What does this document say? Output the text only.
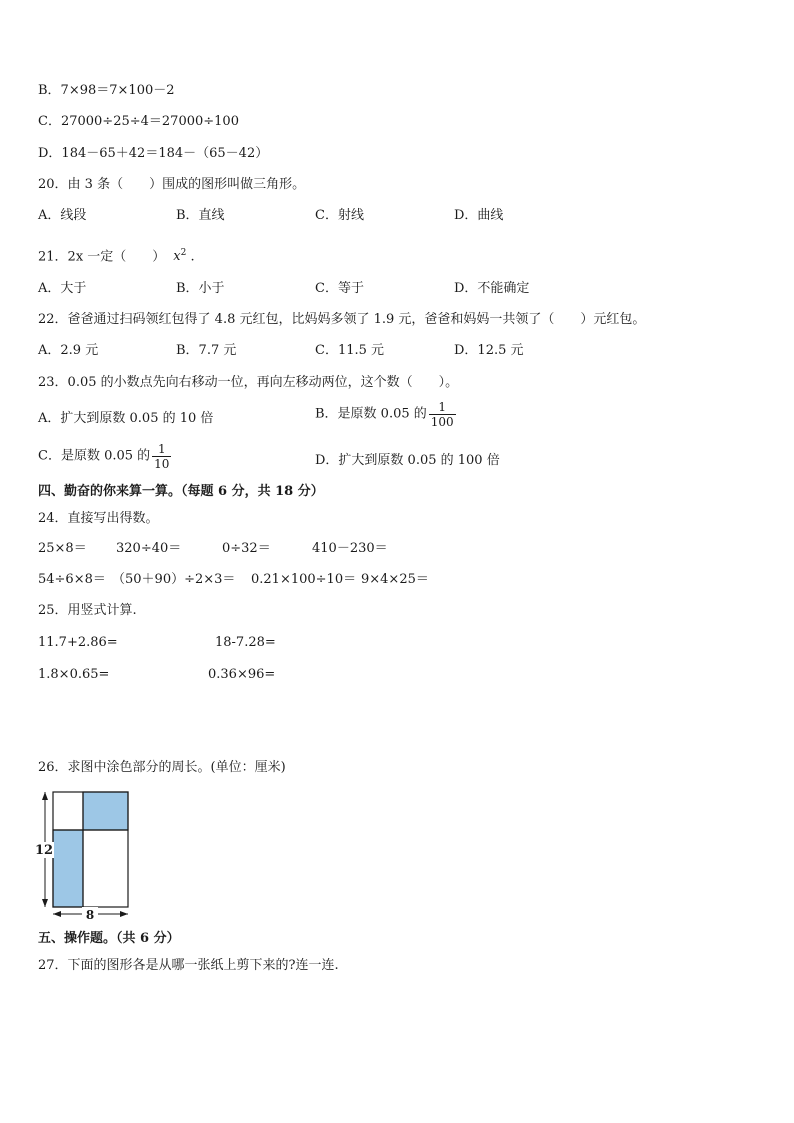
B．7×98＝7×100－2
C．27000÷25÷4＝27000÷100
D．184－65＋42＝184－（65－42）
20．由 3 条（　　）围成的图形叫做三角形。
A．线段	B．直线	C．射线	D．曲线
21．2x 一定（　　） $x^2$ .
A．大于	B．小于	C．等于	D．不能确定
22．爸爸通过扫码领红包得了 4.8 元红包，比妈妈多领了 1.9 元，爸爸和妈妈一共领了（　　）元红包。
A．2.9 元	B．7.7 元	C．11.5 元	D．12.5 元
23．0.05 的小数点先向右移动一位，再向左移动两位，这个数（　　）。
A．扩大到原数 0.05 的 10 倍	B．是原数 0.05 的 $\frac{1}{100}$
C．是原数 0.05 的 $\frac{1}{10}$	D．扩大到原数 0.05 的 100 倍
四、勤奋的你来算一算。（每题 6 分，共 18 分）
24．直接写出得数。
25×8＝ 320÷40＝	0÷32＝	410－230＝
54÷6×8＝ （50＋90）÷2×3＝ 0.21×100÷10＝ 9×4×25＝
25．用竖式计算.
11.7+2.86=	18-7.28=
1.8×0.65=	0.36×96=
26．求图中涂色部分的周长。(单位：厘米)
12
8
五、操作题。（共 6 分）
27．下面的图形各是从哪一张纸上剪下来的?连一连.
